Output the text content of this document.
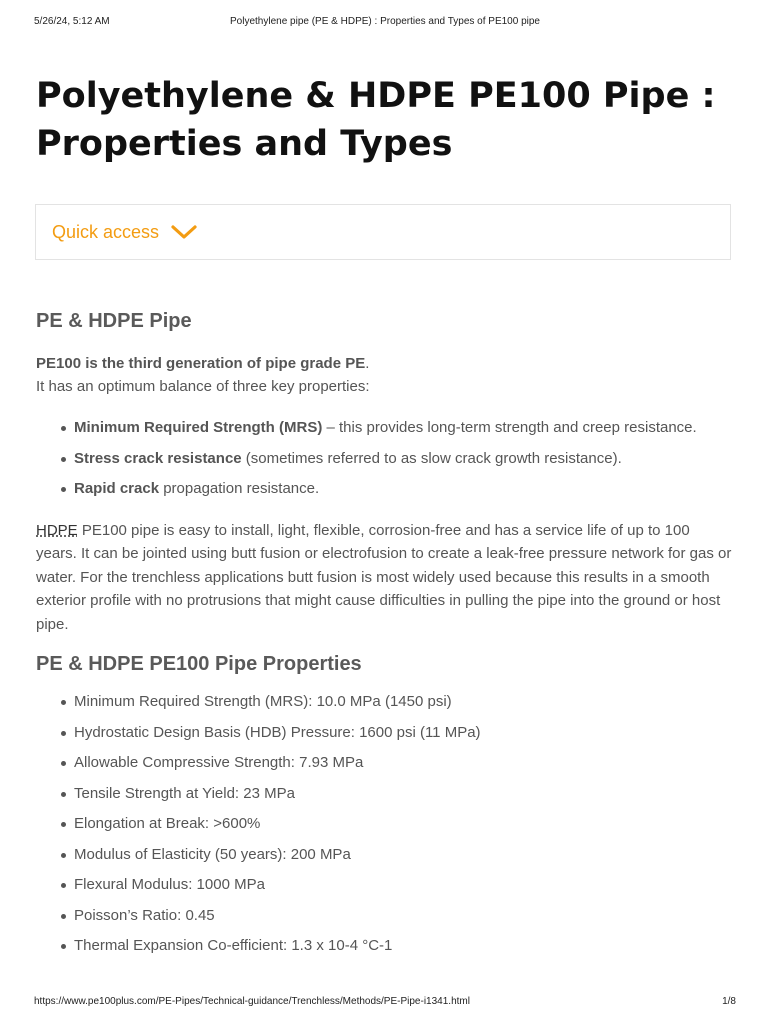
5/26/24, 5:12 AM	Polyethylene pipe (PE & HDPE) : Properties and Types of PE100 pipe
Polyethylene & HDPE PE100 Pipe : Properties and Types
Quick access
PE & HDPE Pipe
PE100 is the third generation of pipe grade PE.
It has an optimum balance of three key properties:
Minimum Required Strength (MRS) – this provides long-term strength and creep resistance.
Stress crack resistance (sometimes referred to as slow crack growth resistance).
Rapid crack propagation resistance.

HDPE PE100 pipe is easy to install, light, flexible, corrosion-free and has a service life of up to 100 years. It can be jointed using butt fusion or electrofusion to create a leak-free pressure network for gas or water. For the trenchless applications butt fusion is most widely used because this results in a smooth exterior profile with no protrusions that might cause difficulties in pulling the pipe into the ground or host pipe.

PE & HDPE PE100 Pipe Properties
Minimum Required Strength (MRS): 10.0 MPa (1450 psi)
Hydrostatic Design Basis (HDB) Pressure: 1600 psi (11 MPa)
Allowable Compressive Strength: 7.93 MPa
Tensile Strength at Yield: 23 MPa
Elongation at Break: >600%
Modulus of Elasticity (50 years): 200 MPa
Flexural Modulus: 1000 MPa
Poisson’s Ratio: 0.45
Thermal Expansion Co-efficient: 1.3 x 10-4 °C-1
https://www.pe100plus.com/PE-Pipes/Technical-guidance/Trenchless/Methods/PE-Pipe-i1341.html	1/8
